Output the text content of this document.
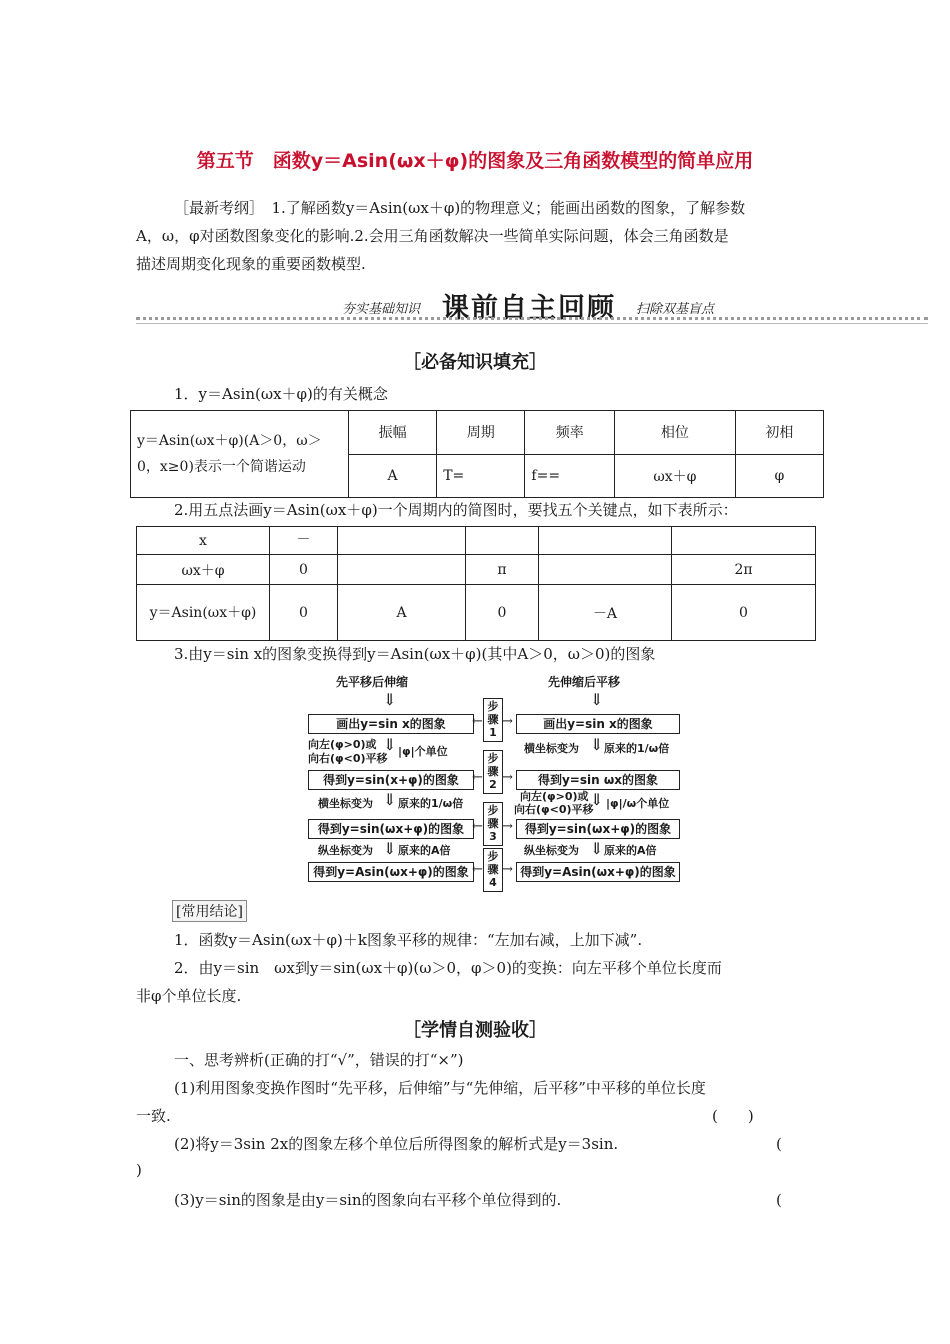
第五节　函数y＝Asin(ωx＋φ)的图象及三角函数模型的简单应用
［最新考纲］　1.了解函数y＝Asin(ωx＋φ)的物理意义；能画出函数的图象，了解参数
A，ω，φ对函数图象变化的影响.2.会用三角函数解决一些简单实际问题，体会三角函数是
描述周期变化现象的重要函数模型.
夯实基础知识 课前自主回顾 扫除双基盲点
［必备知识填充］
1．y＝Asin(ωx＋φ)的有关概念
y＝Asin(ωx＋φ)(A＞0，ω＞0，x≥0)表示一个简谐运动	振幅	周期	频率	相位	初相
	A	T=	f==	ωx＋φ	φ
2.用五点法画y＝Asin(ωx＋φ)一个周期内的简图时，要找五个关键点，如下表所示：
x	－				
ωx＋φ	0		π		2π
y＝Asin(ωx＋φ)	0	A	0	－A	0
3.由y＝sin x的图象变换得到y＝Asin(ωx＋φ)(其中A＞0，ω＞0)的图象
先平移后伸缩	先伸缩后平移
⇓	⇓
画出y=sin x的图象
得到y=sin(x+φ)的图象
得到y=sin(ωx+φ)的图象
得到y=Asin(ωx+φ)的图象
画出y=sin x的图象
得到y=sin ωx的图象
得到y=sin(ωx+φ)的图象
得到y=Asin(ωx+φ)的图象
步骤1
步骤2
步骤3
步骤4
← →
← →
← →
← →
⇓
向左(φ>0)或
向右(φ<0)平移
|φ|个单位
⇓
横坐标变为 原来的1/ω倍
⇓
纵坐标变为 原来的A倍
⇓
横坐标变为 原来的1/ω倍
⇓
向左(φ>0)或
向右(φ<0)平移 |φ|/ω个单位
⇓
纵坐标变为 原来的A倍
[常用结论]
1．函数y＝Asin(ωx＋φ)＋k图象平移的规律：“左加右减，上加下减”.
2．由y＝sin　ωx到y＝sin(ωx＋φ)(ω＞0，φ＞0)的变换：向左平移个单位长度而
非φ个单位长度.
［学情自测验收］
一、思考辨析(正确的打“√”，错误的打“×”)
(1)利用图象变换作图时“先平移，后伸缩”与“先伸缩，后平移”中平移的单位长度
一致.	(　　)
(2)将y＝3sin 2x的图象左移个单位后所得图象的解析式是y＝3sin.	(
)
(3)y＝sin的图象是由y＝sin的图象向右平移个单位得到的.	(
